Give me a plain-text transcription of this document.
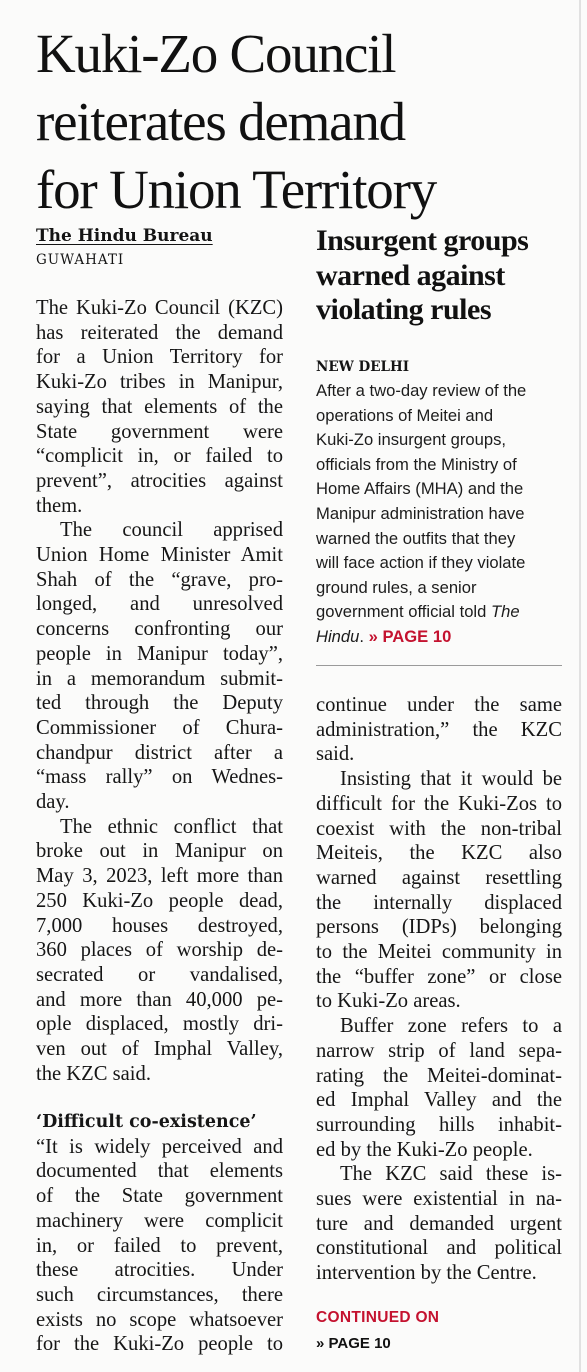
Kuki-Zo Council
reiterates demand
for Union Territory
The Hindu Bureau
GUWAHATI
The Kuki-Zo Council (KZC)
has reiterated the demand
for a Union Territory for
Kuki-Zo tribes in Manipur,
saying that elements of the
State government were
“complicit in, or failed to
prevent”, atrocities against
them.
The council apprised
Union Home Minister Amit
Shah of the “grave, pro-
longed, and unresolved
concerns confronting our
people in Manipur today”,
in a memorandum submit-
ted through the Deputy
Commissioner of Chura-
chandpur district after a
“mass rally” on Wednes-
day.
The ethnic conflict that
broke out in Manipur on
May 3, 2023, left more than
250 Kuki-Zo people dead,
7,000 houses destroyed,
360 places of worship de-
secrated or vandalised,
and more than 40,000 pe-
ople displaced, mostly dri-
ven out of Imphal Valley,
the KZC said.
‘Difficult co-existence’
“It is widely perceived and
documented that elements
of the State government
machinery were complicit
in, or failed to prevent,
these atrocities. Under
such circumstances, there
exists no scope whatsoever
for the Kuki-Zo people to
Insurgent groups
warned against
violating rules
NEW DELHI
After a two-day review of the
operations of Meitei and
Kuki-Zo insurgent groups,
officials from the Ministry of
Home Affairs (MHA) and the
Manipur administration have
warned the outfits that they
will face action if they violate
ground rules, a senior
government official told The
Hindu. » PAGE 10
continue under the same
administration,” the KZC
said.
Insisting that it would be
difficult for the Kuki-Zos to
coexist with the non-tribal
Meiteis, the KZC also
warned against resettling
the internally displaced
persons (IDPs) belonging
to the Meitei community in
the “buffer zone” or close
to Kuki-Zo areas.
Buffer zone refers to a
narrow strip of land sepa-
rating the Meitei-dominat-
ed Imphal Valley and the
surrounding hills inhabit-
ed by the Kuki-Zo people.
The KZC said these is-
sues were existential in na-
ture and demanded urgent
constitutional and political
intervention by the Centre.
CONTINUED ON
» PAGE 10
